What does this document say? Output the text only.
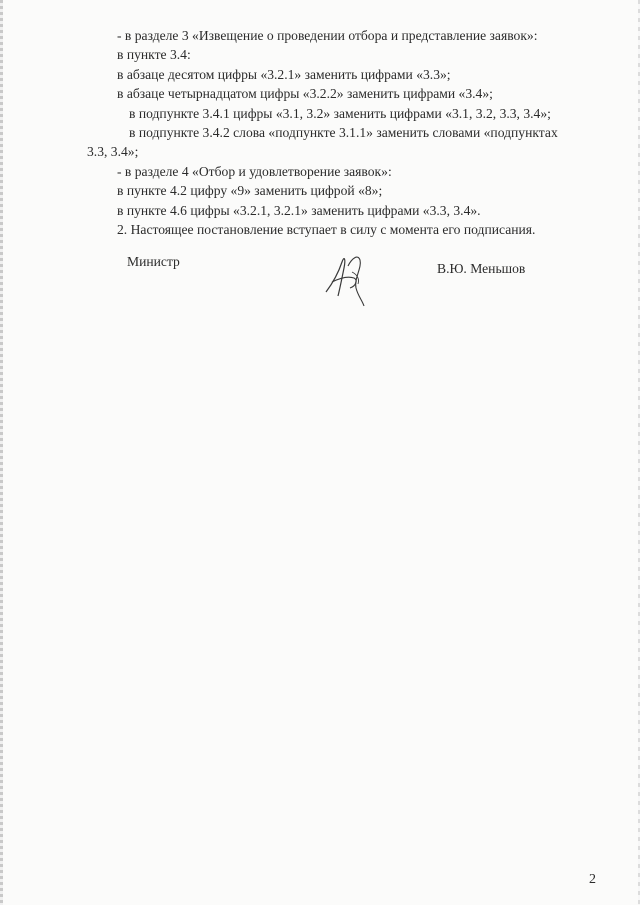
- в разделе 3 «Извещение о проведении отбора и представление заявок»:
в пункте 3.4:
в абзаце десятом цифры «3.2.1» заменить цифрами «3.3»;
в абзаце четырнадцатом цифры «3.2.2» заменить цифрами «3.4»;
в подпункте 3.4.1 цифры «3.1, 3.2» заменить цифрами «3.1, 3.2, 3.3, 3.4»;
в подпункте 3.4.2 слова «подпункте 3.1.1» заменить словами «подпунктах
3.3, 3.4»;
- в разделе 4 «Отбор и удовлетворение заявок»:
в пункте 4.2 цифру «9» заменить цифрой «8»;
в пункте 4.6 цифры «3.2.1, 3.2.1» заменить цифрами «3.3, 3.4».
2. Настоящее постановление вступает в силу с момента его подписания.
Министр	В.Ю. Меньшов
2
